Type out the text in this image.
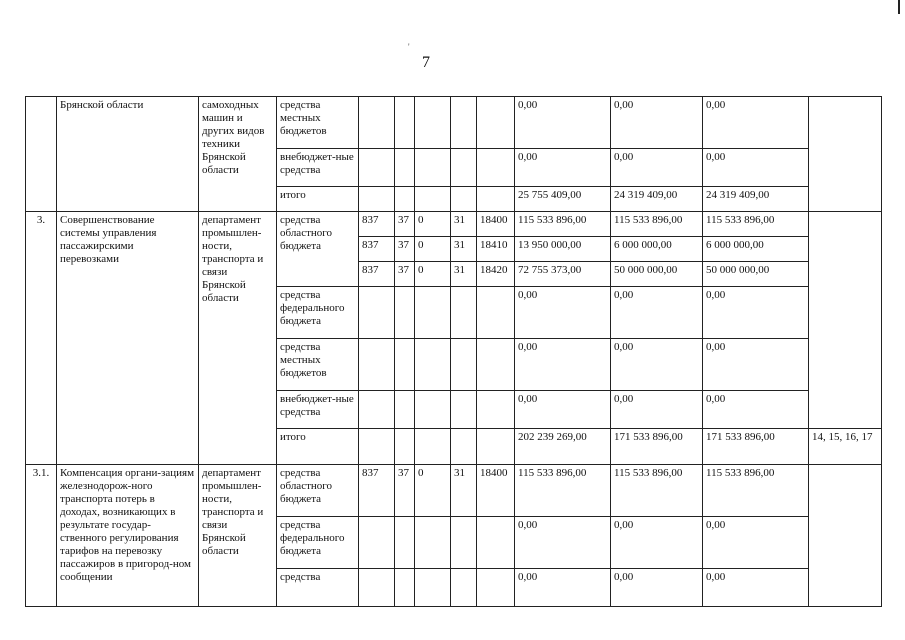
'
7
	Брянской области	самоходных машин и других видов техники Брянской области	средства местных бюджетов						0,00	0,00	0,00	
			внебюджет-ные средства						0,00	0,00	0,00	
			итого						25 755 409,00	24 319 409,00	24 319 409,00	
3.	Совершенствование системы управления пассажирскими перевозками	департамент промышлен-ности, транспорта и связи Брянской области	средства областного бюджета	837	37	0	31	18400	115 533 896,00	115 533 896,00	115 533 896,00	
				837	37	0	31	18410	13 950 000,00	6 000 000,00	6 000 000,00	
				837	37	0	31	18420	72 755 373,00	50 000 000,00	50 000 000,00	
			средства федерального бюджета						0,00	0,00	0,00	
			средства местных бюджетов						0,00	0,00	0,00	
			внебюджет-ные средства						0,00	0,00	0,00	
			итого						202 239 269,00	171 533 896,00	171 533 896,00	14, 15, 16, 17
3.1.	Компенсация органи-зациям железнодорож-ного транспорта потерь в доходах, возникающих в результате государ-ственного регулирования тарифов на перевозку пассажиров в пригород-ном сообщении	департамент промышлен-ности, транспорта и связи Брянской области	средства областного бюджета	837	37	0	31	18400	115 533 896,00	115 533 896,00	115 533 896,00	
			средства федерального бюджета						0,00	0,00	0,00	
			средства						0,00	0,00	0,00	
